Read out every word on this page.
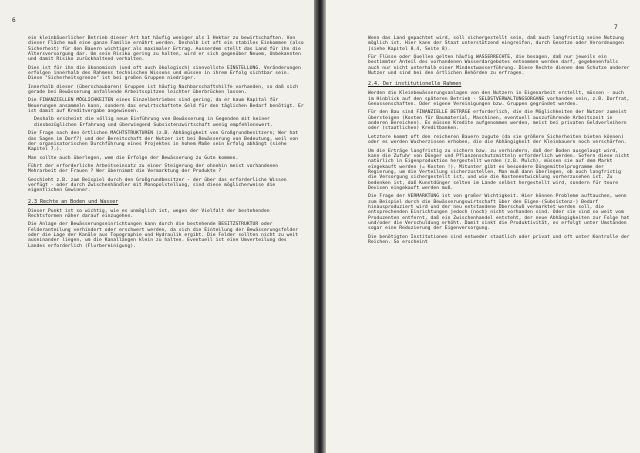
6

ein kleinbäuerlicher Betrieb dieser Art hat häufig weniger als 1 Hektar zu bewirtschaften. Von dieser Fläche muß eine ganze Familie ernährt werden. Deshalb ist oft ein stabiles Einkommen (also Sicherheit) für den Bauern wichtiger als maximaler Ertrag. Ausserdem stellt das Land für ihn die Altersversorgung dar. Um sein Risiko gering zu halten, wird er sich gegenüber Neuem, Unbekannten und damit Risiko zurückhaltend verhalten.

Dies ist für ihn die ökonomisch (und oft auch ökologisch) sinnvollste EINSTELLUNG. Veränderungen erfolgen innerhalb des Rahmens technischen Wissens und müssen in ihrem Erfolg sichtbar sein. Diese "Sicherheitsgrenze" ist bei großen Gruppen niedriger.

Innerhalb dieser (überschaubaren) Gruppen ist häufig Nachbarschaftshilfe vorhanden, so daß sich gerade bei Bewässerung anfallende Arbeitsspitzen leichter überbrücken lassen.

Die FINANZIELLEN MÖGLICHKEITEN eines Einzelbetriebes sind gering, da er kaum Kapital für Neuerungen ansammeln kann, sondern das erwirtschaftete Geld für den täglichen Bedarf benötigt. Er ist damit auf Kreditvergabe angewiesen.

Deshalb erscheint die völlig neue Einführung von Bewässerung in Gegenden mit keiner diesbezüglichen Erfahrung und überwiegend Subsistenzwirtschaft wenig empfehlenswert.

Die Frage nach den örtlichen MACHTSTRUKTUREN (z.B. Abhängigkeit von Großgrundbesitzern; Wer hat das Sagen im Dorf?) und der Bereitschaft der Nutzer ist bei Bewässerung von Bedeutung, weil von der organisatorischen Durchführung eines Projektes in hohem Maße sein Erfolg abhängt (siehe Kapitel 7.).

Man sollte auch überlegen, wem die Erfolge der Bewässerung zu Gute kommen.

Führt der erforderliche Arbeitseinsatz zu einer Steigerung der ohnehin meist vorhandenen Mehrarbeit der Frauen ? Wer übernimmt die Vermarktung der Produkte ?

Geschieht z.B. zum Beispiel durch den Großgrundbesitzer - der über das erforderliche Wissen verfügt - oder durch Zwischenhändler mit Monopolstellung, sind diese möglicherweise die eigentlichen Gewinner.

2.3 Rechte an Boden und Wasser

Dieser Punkt ist so wichtig, wie es unmöglich ist, wegen der Vielfalt der bestehenden Rechtsformen näher darauf einzugehen.

Die Anlage der Bewässerungseinrichtungen kann durch die bestehende BESITZSTRUKTUR oder Felderanteilung verhindert oder erschwert werden, da sich die Einteilung der Bewässerungsfelder oder die Lage der Kanäle aus Topographie und Hydraulik ergibt. Die Felder sollten nicht zu weit auseinander liegen, um die Kanallängen klein zu halten. Eventuell ist eine Umverteilung des Landes erforderlich (Flurbereinigung).

7

Wenn das Land gepachtet wird, soll sichergestellt sein, daß auch langfristig seine Nutzung möglich ist. Hier kann der Staat unterstützend eingreifen, durch Gesetze oder Verordnungen (siehe Kapitel 8.4, Seite 8).

Für Flüsse oder Quellen gelten häufig WASSERRECHTE, die besagen, daß nur jeweils ein bestimmter Anteil des vorhandenen Wasserdargebotes entnommen werden darf, gegebenenfalls auch nur nicht unterhalb einer Mindestwasserführung. Diese Rechte dienen dem Schutze anderer Nutzer und sind bei den örtlichen Behörden zu erfragen.

2.4. Der institutionelle Rahmen

Werden die Kleinbewässerungsanlagen von den Nutzern in Eigenarbeit erstellt, müssen - auch im Hinblick auf den späteren Betrieb - SELBSTVERWALTUNGSORGANE vorhanden sein, z.B. Dorfrat, Genossenschaften. Oder eigene Vereinigungen bzw. Gruppen gegründet werden.

Für den Bau sind FINANZIELLE BETRÄGE erforderlich, die die Möglichkeiten der Nutzer zumeist übersteigen (Kosten für Baumaterial, Maschinen, eventuell auszuführende Arbeitszeit in anderen Bereichen). Es müssen Kredite aufgenommen werden, meist bei privaten Geldverleihern oder (staatlichen) Kreditbanken.

Letztere kommt oft den reicheren Bauern zugute (da sie größere Sicherheiten bieten können) oder es werden Wucherzinsen erhoben, die die Abhängigkeit der Kleinbauern noch verschärfen.

Um die Erträge langfristig zu sichern bzw. zu verhindern, daß der Boden ausgelaugt wird, kann die Zufuhr von Dünger und Pflanzenschutzmitteln erforderlich werden. Sofern diese nicht natürlich in Eigenproduktion hergestellt werden (z.B. Mulch), müssen sie auf dem Markt eingekauft werden (= Kosten !). Mitunter gibt es besondere Düngemittelprogramme der Regierung, um die Verteilung sicherzustellen. Man muß dann überlegen, ob auch langfristig die Versorgung sichergestellt ist, und wie die Kostenentwicklung vorherzusehen ist. Zu bedenken ist, daß Kunstdünger selten im Lande selbst hergestellt wird, sondern für teure Devisen eingekauft werden muß.

Die Frage der VERMARKTUNG ist von großer Wichtigkeit. Hier können Probleme auftauchen, wenn zum Beispiel durch die Bewässerungswirtschaft über den Eigen-(Subsistenz-) Bedarf hinausproduziert wird und der neu entstandene Überschuß vermarktet werden soll, die entsprechenden Einrichtungen jedoch (noch) nicht vorhanden sind. Oder sie sind so weit vom Produzenten entfernt, daß ein Zwischenhandel entsteht, der neue Abhängigkeiten zur Folge hat und/oder die Verschuldung erhöht. Damit sinkt die Produktivität, es erfolgt unter Umständen sogar eine Reduzierung der Eigenversorgung.

Die benötigten Institutionen sind entweder staatlich oder privat und oft unter Kontrolle der Reichen. So erscheint
